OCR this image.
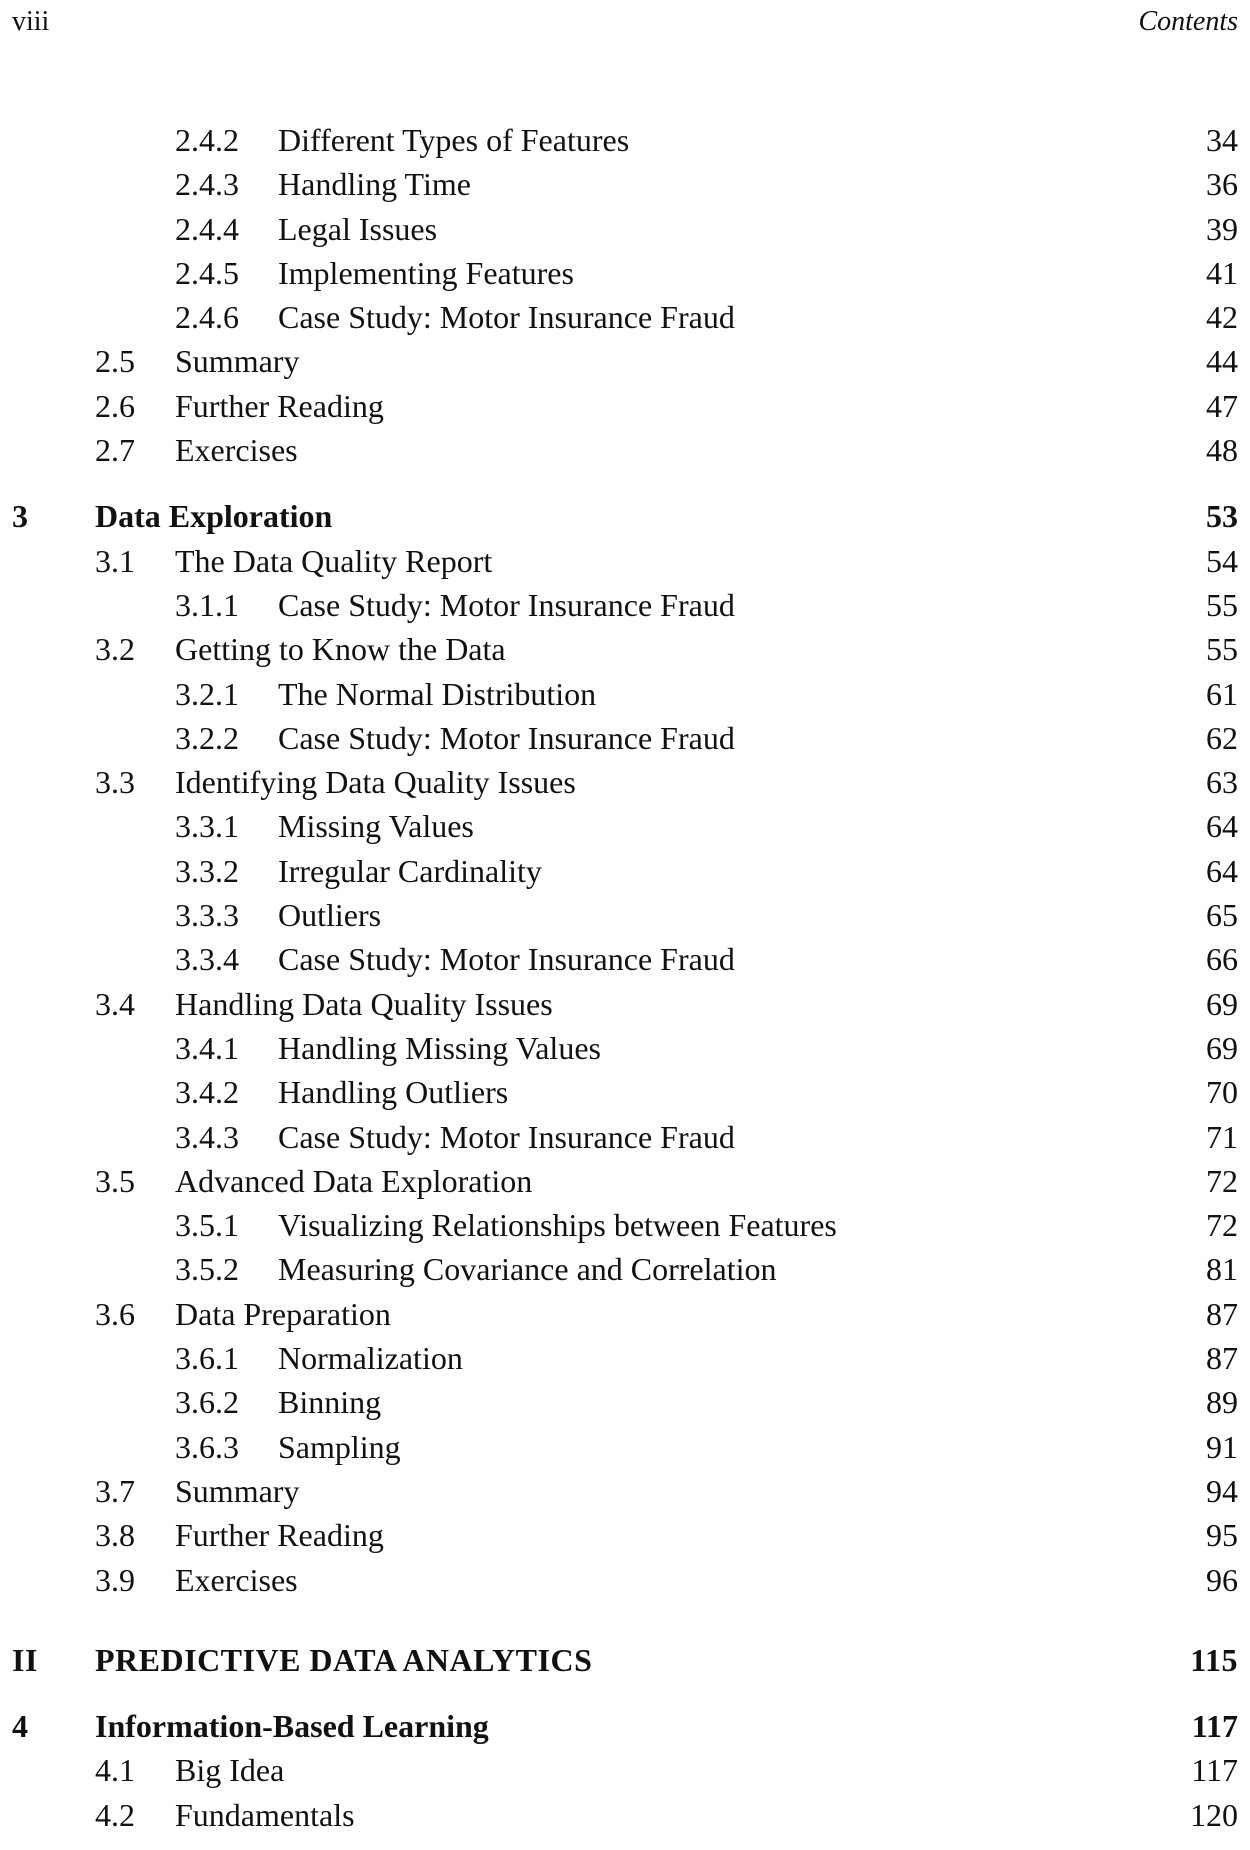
viii	Contents
2.4.2 Different Types of Features	34
2.4.3 Handling Time	36
2.4.4 Legal Issues	39
2.4.5 Implementing Features	41
2.4.6 Case Study: Motor Insurance Fraud	42
2.5 Summary	44
2.6 Further Reading	47
2.7 Exercises	48
3 Data Exploration	53
3.1 The Data Quality Report	54
3.1.1 Case Study: Motor Insurance Fraud	55
3.2 Getting to Know the Data	55
3.2.1 The Normal Distribution	61
3.2.2 Case Study: Motor Insurance Fraud	62
3.3 Identifying Data Quality Issues	63
3.3.1 Missing Values	64
3.3.2 Irregular Cardinality	64
3.3.3 Outliers	65
3.3.4 Case Study: Motor Insurance Fraud	66
3.4 Handling Data Quality Issues	69
3.4.1 Handling Missing Values	69
3.4.2 Handling Outliers	70
3.4.3 Case Study: Motor Insurance Fraud	71
3.5 Advanced Data Exploration	72
3.5.1 Visualizing Relationships between Features	72
3.5.2 Measuring Covariance and Correlation	81
3.6 Data Preparation	87
3.6.1 Normalization	87
3.6.2 Binning	89
3.6.3 Sampling	91
3.7 Summary	94
3.8 Further Reading	95
3.9 Exercises	96
II PREDICTIVE DATA ANALYTICS	115
4 Information-Based Learning	117
4.1 Big Idea	117
4.2 Fundamentals	120
